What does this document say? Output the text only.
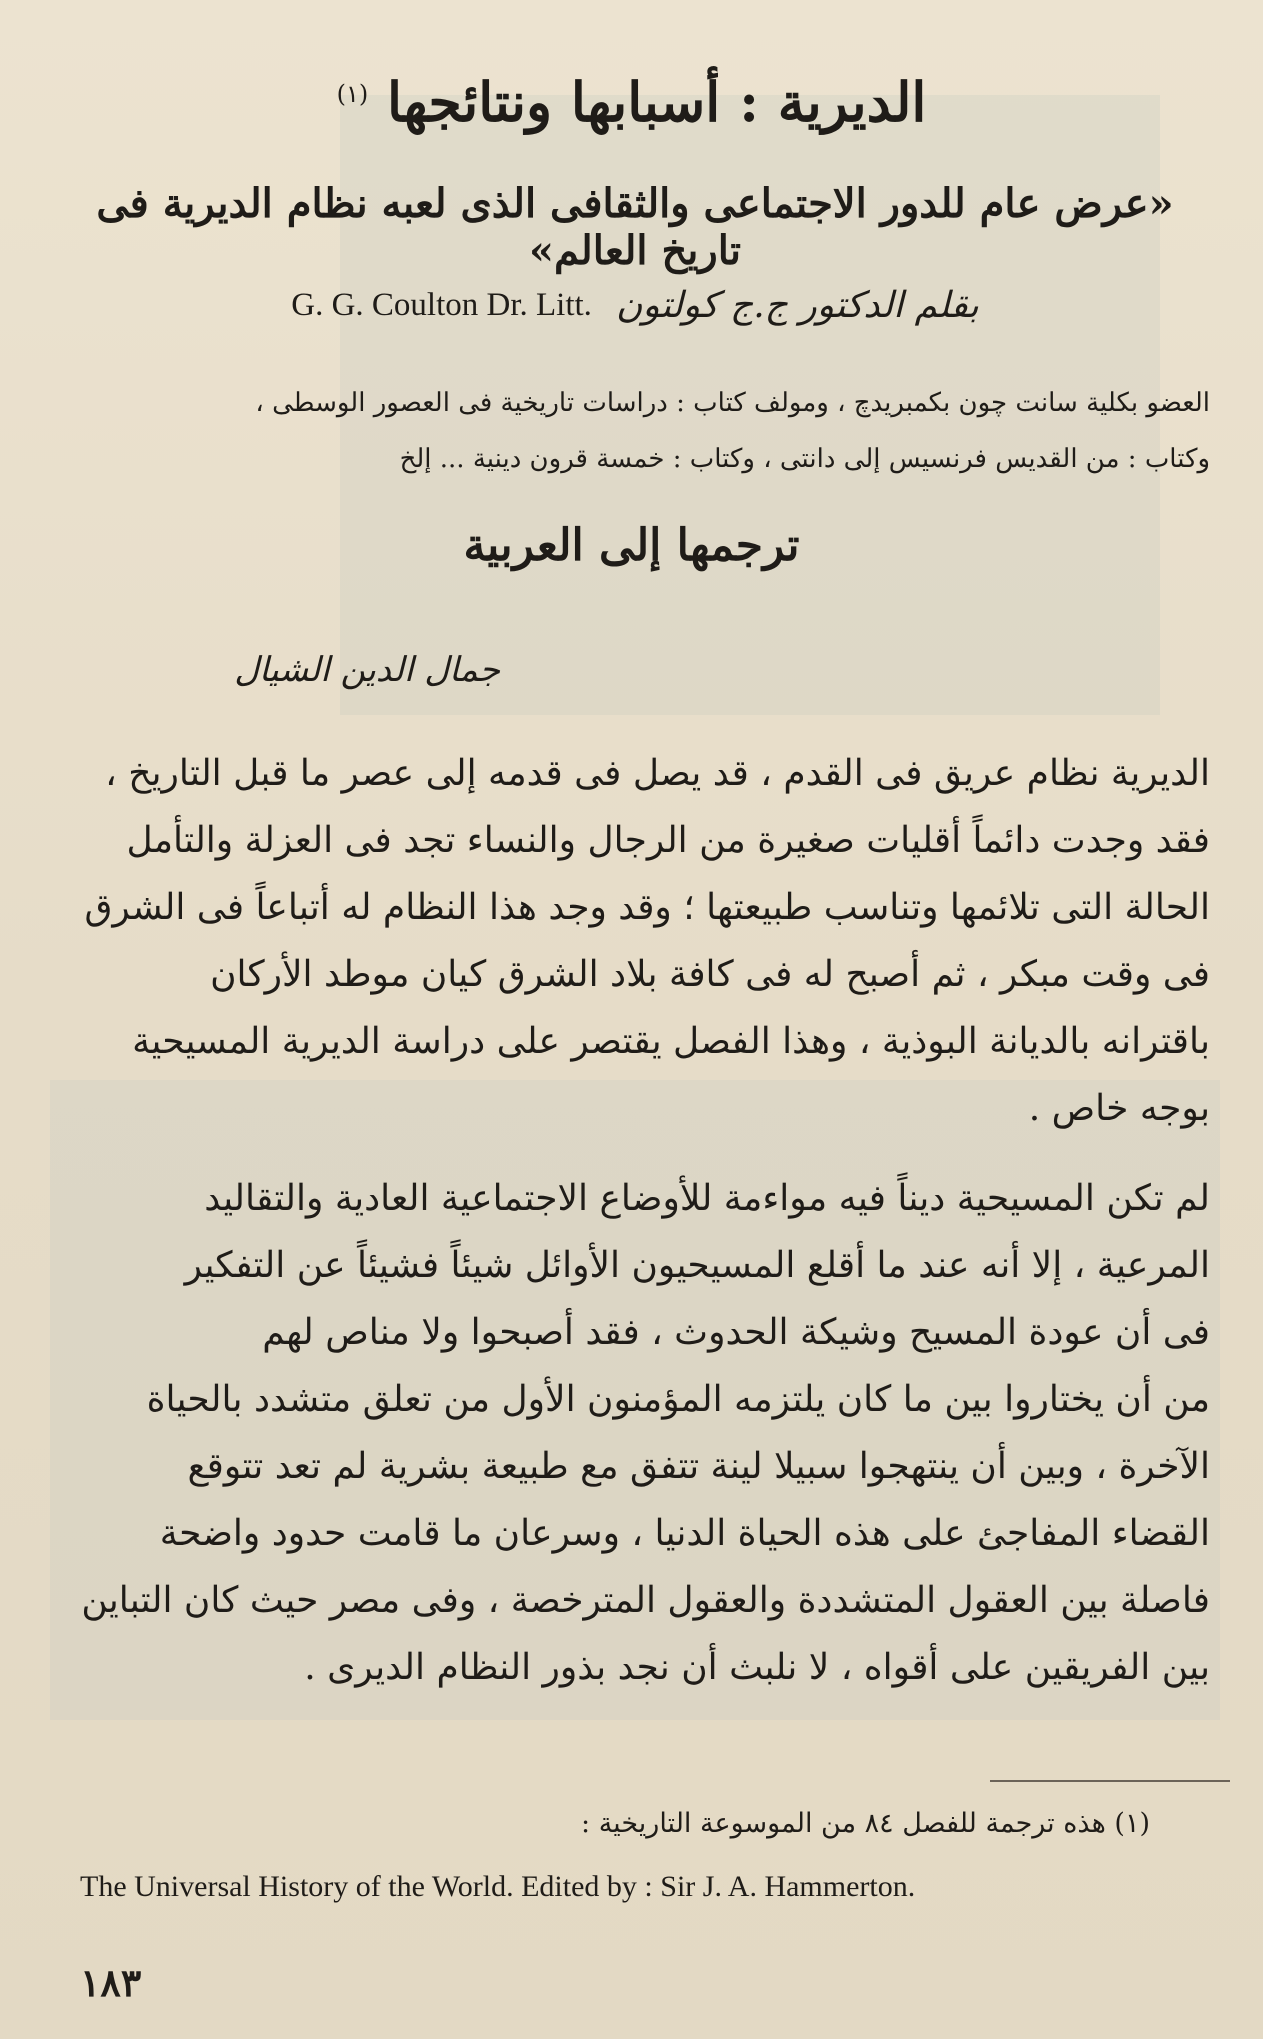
الديرية : أسبابها ونتائجها $^{(١)}$
«عرض عام للدور الاجتماعى والثقافى الذى لعبه نظام الديرية فى تاريخ العالم»
G. G. Coulton Dr. Litt. بقلم الدكتور ج.ج كولتون
العضو بكلية سانت چون بكمبريدچ ، ومولف كتاب : دراسات تاريخية فى العصور الوسطى ،
وكتاب : من القديس فرنسيس إلى دانتى ، وكتاب : خمسة قرون دينية ... إلخ
ترجمها إلى العربية
جمال الدين الشيال
الديرية نظام عريق فى القدم ، قد يصل فى قدمه إلى عصر ما قبل التاريخ ،
فقد وجدت دائماً أقليات صغيرة من الرجال والنساء تجد فى العزلة والتأمل
الحالة التى تلائمها وتناسب طبيعتها ؛ وقد وجد هذا النظام له أتباعاً فى الشرق
فى وقت مبكر ، ثم أصبح له فى كافة بلاد الشرق كيان موطد الأركان
باقترانه بالديانة البوذية ، وهذا الفصل يقتصر على دراسة الديرية المسيحية
بوجه خاص .
لم تكن المسيحية ديناً فيه مواءمة للأوضاع الاجتماعية العادية والتقاليد
المرعية ، إلا أنه عند ما أقلع المسيحيون الأوائل شيئاً فشيئاً عن التفكير
فى أن عودة المسيح وشيكة الحدوث ، فقد أصبحوا ولا مناص لهم
من أن يختاروا بين ما كان يلتزمه المؤمنون الأول من تعلق متشدد بالحياة
الآخرة ، وبين أن ينتهجوا سبيلا لينة تتفق مع طبيعة بشرية لم تعد تتوقع
القضاء المفاجئ على هذه الحياة الدنيا ، وسرعان ما قامت حدود واضحة
فاصلة بين العقول المتشددة والعقول المترخصة ، وفى مصر حيث كان التباين
بين الفريقين على أقواه ، لا نلبث أن نجد بذور النظام الديرى .
(١) هذه ترجمة للفصل ٨٤ من الموسوعة التاريخية :
The Universal History of the World. Edited by : Sir J. A. Hammerton.
١٨٣
